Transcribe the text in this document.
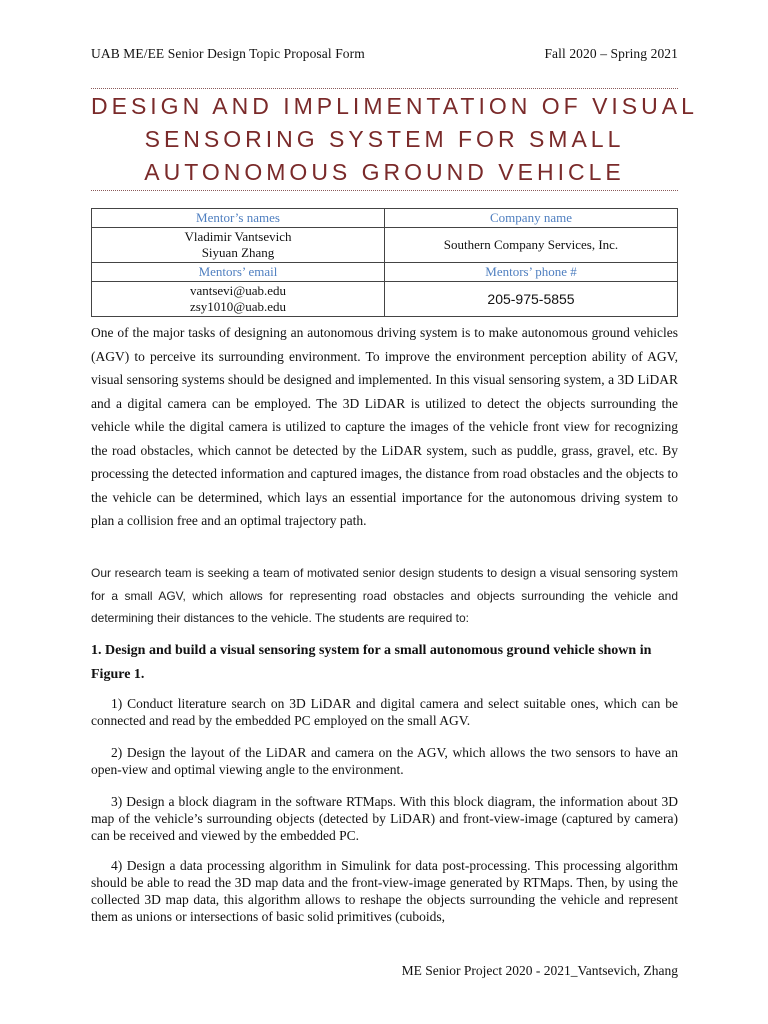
UAB ME/EE Senior Design Topic Proposal Form	Fall 2020 – Spring 2021
DESIGN AND IMPLIMENTATION OF VISUAL
SENSORING SYSTEM FOR SMALL
AUTONOMOUS GROUND VEHICLE
Mentor’s names	Company name

Vladimir Vantsevich
Siyuan Zhang	Southern Company Services, Inc.
Mentors’ email	Mentors’ phone #

vantsevi@uab.edu
zsy1010@uab.edu	205-975-5855
One of the major tasks of designing an autonomous driving system is to make autonomous ground vehicles (AGV) to perceive its surrounding environment. To improve the environment perception ability of AGV, visual sensoring systems should be designed and implemented. In this visual sensoring system, a 3D LiDAR and a digital camera can be employed. The 3D LiDAR is utilized to detect the objects surrounding the vehicle while the digital camera is utilized to capture the images of the vehicle front view for recognizing the road obstacles, which cannot be detected by the LiDAR system, such as puddle, grass, gravel, etc. By processing the detected information and captured images, the distance from road obstacles and the objects to the vehicle can be determined, which lays an essential importance for the autonomous driving system to plan a collision free and an optimal trajectory path.
Our research team is seeking a team of motivated senior design students to design a visual sensoring system for a small AGV, which allows for representing road obstacles and objects surrounding the vehicle and determining their distances to the vehicle. The students are required to:
1. Design and build a visual sensoring system for a small autonomous ground vehicle shown in Figure 1.
1) Conduct literature search on 3D LiDAR and digital camera and select suitable ones, which can be connected and read by the embedded PC employed on the small AGV.
2) Design the layout of the LiDAR and camera on the AGV, which allows the two sensors to have an open-view and optimal viewing angle to the environment.
3) Design a block diagram in the software RTMaps. With this block diagram, the information about 3D map of the vehicle’s surrounding objects (detected by LiDAR) and front-view-image (captured by camera) can be received and viewed by the embedded PC.
4) Design a data processing algorithm in Simulink for data post-processing. This processing algorithm should be able to read the 3D map data and the front-view-image generated by RTMaps. Then, by using the collected 3D map data, this algorithm allows to reshape the objects surrounding the vehicle and represent them as unions or intersections of basic solid primitives (cuboids,
ME Senior Project 2020 - 2021_Vantsevich, Zhang
